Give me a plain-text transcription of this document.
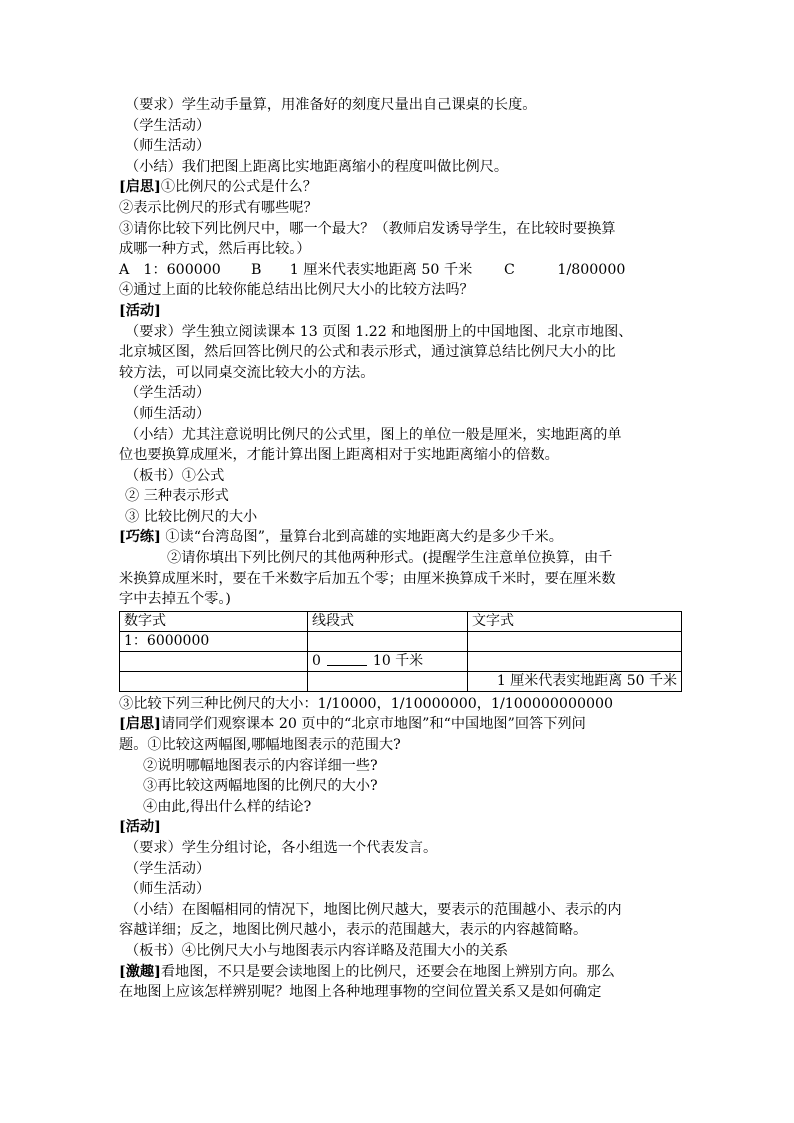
（要求）学生动手量算，用准备好的刻度尺量出自己课桌的长度。
（学生活动）
（师生活动）
（小结）我们把图上距离比实地距离缩小的程度叫做比例尺。
[启思]①比例尺的公式是什么？
②表示比例尺的形式有哪些呢？
③请你比较下列比例尺中，哪一个最大？（教师启发诱导学生，在比较时要换算
成哪一种方式，然后再比较。）
A　1：600000	B　　1 厘米代表实地距离 50 千米	C　　　1/800000
④通过上面的比较你能总结出比例尺大小的比较方法吗？
[活动]
（要求）学生独立阅读课本 13 页图 1.22 和地图册上的中国地图、北京市地图、
北京城区图，然后回答比例尺的公式和表示形式，通过演算总结比例尺大小的比
较方法，可以同桌交流比较大小的方法。
（学生活动）
（师生活动）
（小结）尤其注意说明比例尺的公式里，图上的单位一般是厘米，实地距离的单
位也要换算成厘米，才能计算出图上距离相对于实地距离缩小的倍数。
（板书）①公式
② 三种表示形式
③ 比较比例尺的大小
[巧练] ①读“台湾岛图”，量算台北到高雄的实地距离大约是多少千米。
②请你填出下列比例尺的其他两种形式。(提醒学生注意单位换算，由千
米换算成厘米时，要在千米数字后加五个零；由厘米换算成千米时，要在厘米数
字中去掉五个零。)
数字式	线段式	文字式
1：6000000		
	0 10 千米	
		1 厘米代表实地距离 50 千米
③比较下列三种比例尺的大小：1/10000，1/10000000，1/100000000000
[启思]请同学们观察课本 20 页中的“北京市地图”和“中国地图”回答下列问
题。①比较这两幅图,哪幅地图表示的范围大?
②说明哪幅地图表示的内容详细一些?
③再比较这两幅地图的比例尺的大小?
④由此,得出什么样的结论?
[活动]
（要求）学生分组讨论，各小组选一个代表发言。
（学生活动）
（师生活动）
（小结）在图幅相同的情况下，地图比例尺越大，要表示的范围越小、表示的内
容越详细；反之，地图比例尺越小，表示的范围越大，表示的内容越简略。
（板书）④比例尺大小与地图表示内容详略及范围大小的关系
[激趣]看地图，不只是要会读地图上的比例尺，还要会在地图上辨别方向。那么
在地图上应该怎样辨别呢？地图上各种地理事物的空间位置关系又是如何确定
